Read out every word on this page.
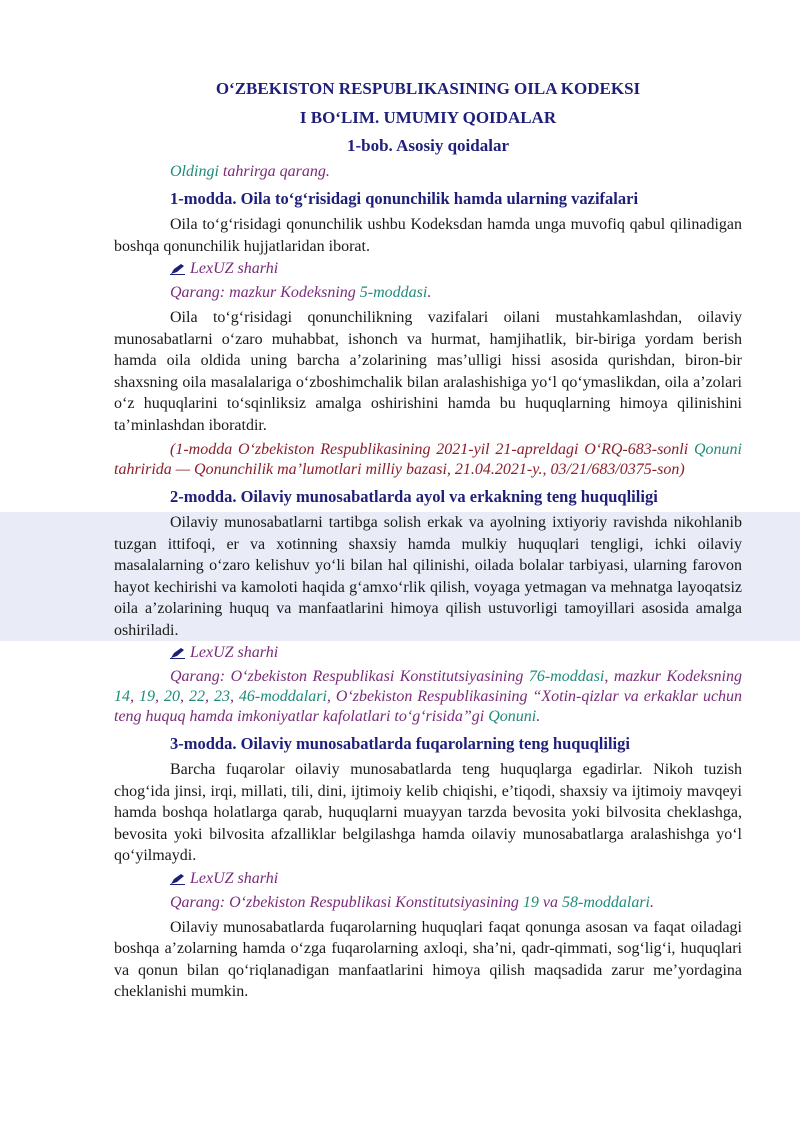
O‘ZBEKISTON RESPUBLIKASINING OILA KODEKSI

I BO‘LIM. UMUMIY QOIDALAR

1-bob. Asosiy qoidalar

Oldingi tahrirga qarang.

1-modda. Oila to‘g‘risidagi qonunchilik hamda ularning vazifalari

Oila to‘g‘risidagi qonunchilik ushbu Kodeksdan hamda unga muvofiq qabul qilinadigan boshqa qonunchilik hujjatlaridan iborat.

LexUZ sharhi

Qarang: mazkur Kodeksning 5-moddasi.

Oila to‘g‘risidagi qonunchilikning vazifalari oilani mustahkamlashdan, oilaviy munosabatlarni o‘zaro muhabbat, ishonch va hurmat, hamjihatlik, bir-biriga yordam berish hamda oila oldida uning barcha a’zolarining mas’ulligi hissi asosida qurishdan, biron-bir shaxsning oila masalalariga o‘zboshimchalik bilan aralashishiga yo‘l qo‘ymaslikdan, oila a’zolari o‘z huquqlarini to‘sqinliksiz amalga oshirishini hamda bu huquqlarning himoya qilinishini ta’minlashdan iboratdir.

(1-modda O‘zbekiston Respublikasining 2021-yil 21-apreldagi O‘RQ-683-sonli Qonuni tahririda — Qonunchilik ma’lumotlari milliy bazasi, 21.04.2021-y., 03/21/683/0375-son)

2-modda. Oilaviy munosabatlarda ayol va erkakning teng huquqliligi

Oilaviy munosabatlarni tartibga solish erkak va ayolning ixtiyoriy ravishda nikohlanib tuzgan ittifoqi, er va xotinning shaxsiy hamda mulkiy huquqlari tengligi, ichki oilaviy masalalarning o‘zaro kelishuv yo‘li bilan hal qilinishi, oilada bolalar tarbiyasi, ularning farovon hayot kechirishi va kamoloti haqida g‘amxo‘rlik qilish, voyaga yetmagan va mehnatga layoqatsiz oila a’zolarining huquq va manfaatlarini himoya qilish ustuvorligi tamoyillari asosida amalga oshiriladi.

LexUZ sharhi

Qarang: O‘zbekiston Respublikasi Konstitutsiyasining 76-moddasi, mazkur Kodeksning 14, 19, 20, 22, 23, 46-moddalari, O‘zbekiston Respublikasining “Xotin-qizlar va erkaklar uchun teng huquq hamda imkoniyatlar kafolatlari to‘g‘risida”gi Qonuni.

3-modda. Oilaviy munosabatlarda fuqarolarning teng huquqliligi

Barcha fuqarolar oilaviy munosabatlarda teng huquqlarga egadirlar. Nikoh tuzish chog‘ida jinsi, irqi, millati, tili, dini, ijtimoiy kelib chiqishi, e’tiqodi, shaxsiy va ijtimoiy mavqeyi hamda boshqa holatlarga qarab, huquqlarni muayyan tarzda bevosita yoki bilvosita cheklashga, bevosita yoki bilvosita afzalliklar belgilashga hamda oilaviy munosabatlarga aralashishga yo‘l qo‘yilmaydi.

LexUZ sharhi

Qarang: O‘zbekiston Respublikasi Konstitutsiyasining 19 va 58-moddalari.

Oilaviy munosabatlarda fuqarolarning huquqlari faqat qonunga asosan va faqat oiladagi boshqa a’zolarning hamda o‘zga fuqarolarning axloqi, sha’ni, qadr-qimmati, sog‘lig‘i, huquqlari va qonun bilan qo‘riqlanadigan manfaatlarini himoya qilish maqsadida zarur me’yordagina cheklanishi mumkin.
